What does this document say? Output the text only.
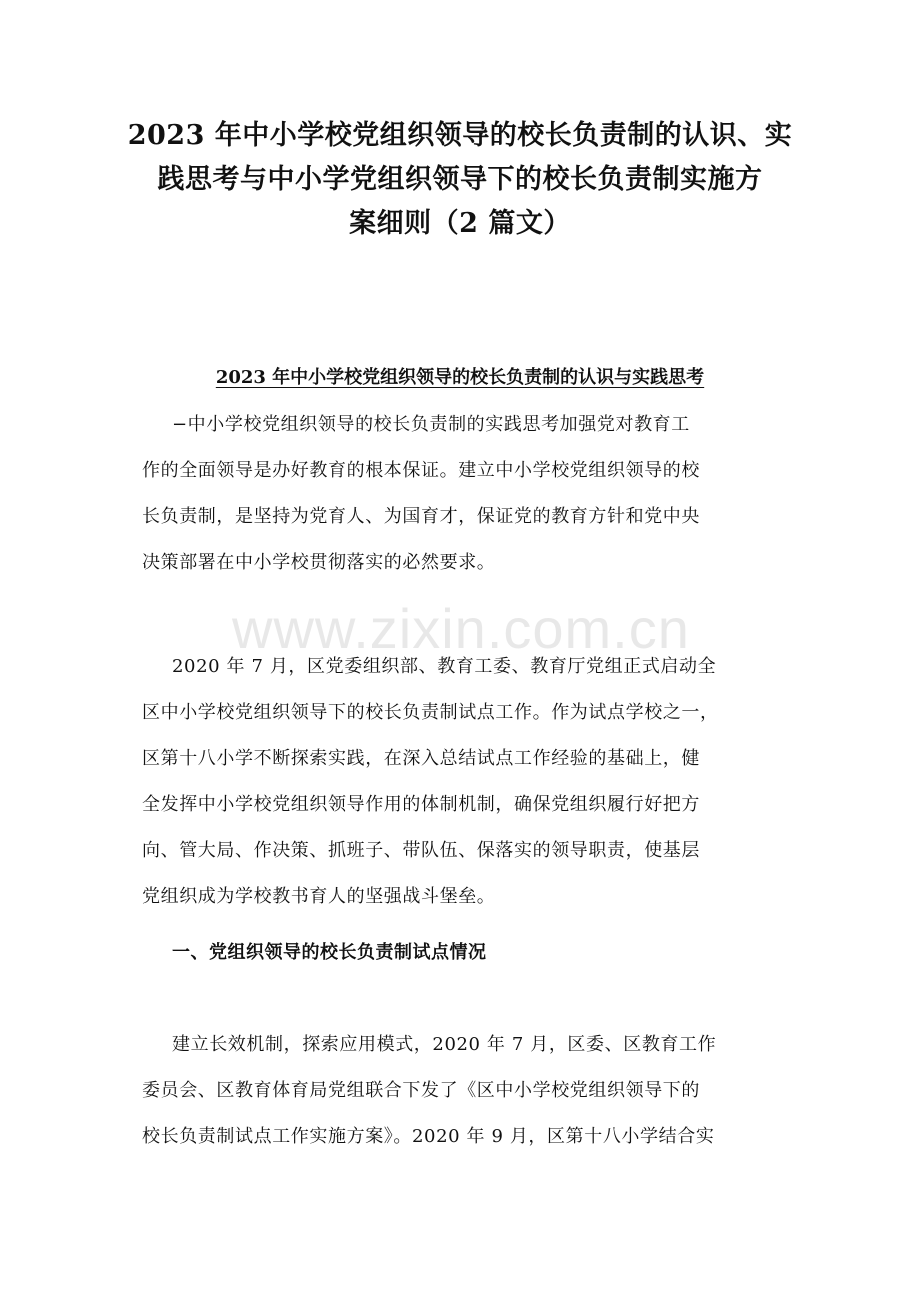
2023 年中小学校党组织领导的校长负责制的认识、实
践思考与中小学党组织领导下的校长负责制实施方
案细则（2 篇文）
2023 年中小学校党组织领导的校长负责制的认识与实践思考
−中小学校党组织领导的校长负责制的实践思考加强党对教育工
作的全面领导是办好教育的根本保证。建立中小学校党组织领导的校
长负责制，是坚持为党育人、为国育才，保证党的教育方针和党中央
决策部署在中小学校贯彻落实的必然要求。
www.zixin.com.cn
2020 年 7 月，区党委组织部、教育工委、教育厅党组正式启动全
区中小学校党组织领导下的校长负责制试点工作。作为试点学校之一，
区第十八小学不断探索实践，在深入总结试点工作经验的基础上，健
全发挥中小学校党组织领导作用的体制机制，确保党组织履行好把方
向、管大局、作决策、抓班子、带队伍、保落实的领导职责，使基层
党组织成为学校教书育人的坚强战斗堡垒。
一、党组织领导的校长负责制试点情况
建立长效机制，探索应用模式，2020 年 7 月，区委、区教育工作
委员会、区教育体育局党组联合下发了《区中小学校党组织领导下的
校长负责制试点工作实施方案》。2020 年 9 月，区第十八小学结合实
